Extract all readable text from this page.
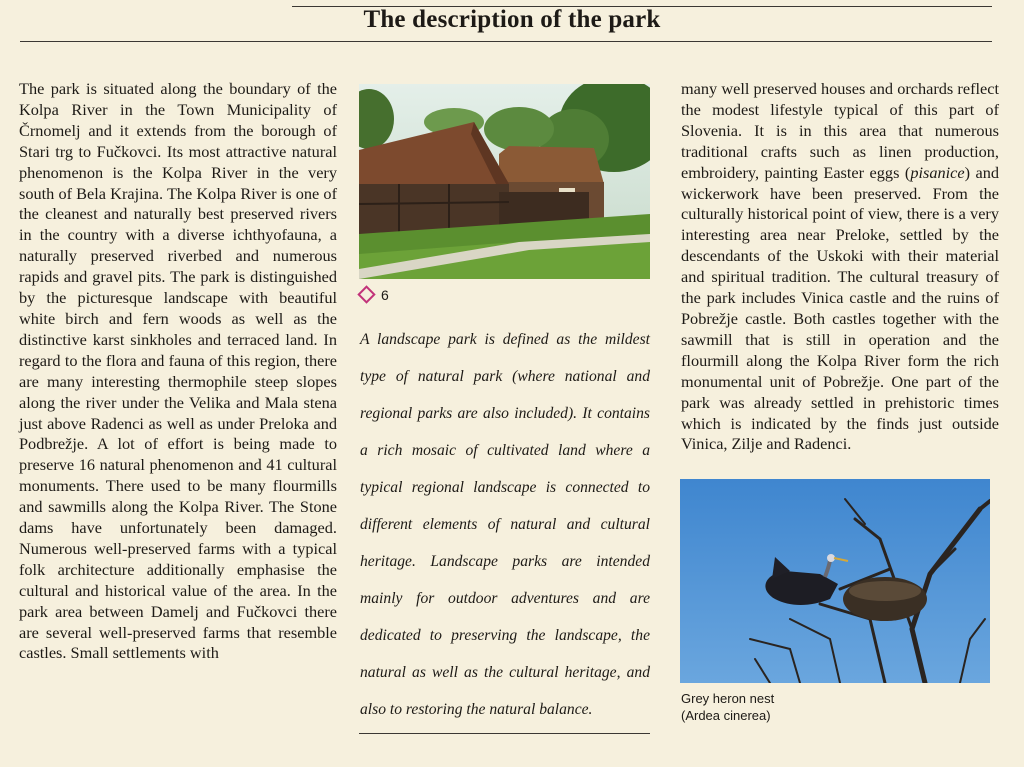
The description of the park

The park is situated along the boundary of the Kolpa River in the Town Municipality of Črnomelj and it extends from the borough of Stari trg to Fučkovci. Its most attractive natural phenomenon is the Kolpa River in the very south of Bela Krajina. The Kolpa River is one of the cleanest and naturally best preserved rivers in the country with a diverse ichthyofauna, a naturally preserved riverbed and numerous rapids and gravel pits. The park is distinguished by the picturesque landscape with beautiful white birch and fern woods as well as the distinctive karst sinkholes and terraced land. In regard to the flora and fauna of this region, there are many interesting thermophile steep slopes along the river under the Velika and Mala stena just above Radenci as well as under Preloka and Podbrežje. A lot of effort is being made to preserve 16 natural phenomenon and 41 cultural monuments. There used to be many flourmills and sawmills along the Kolpa River. The Stone dams have unfortunately been damaged. Numerous well-preserved farms with a typical folk architecture additionally emphasise the cultural and historical value of the area. In the park area between Damelj and Fučkovci there are several well-preserved farms that resemble castles. Small settlements with

6
A landscape park is defined as the mildest type of natural park (where national and regional parks are also included). It contains a rich mosaic of cultivated land where a typical regional landscape is connected to different elements of natural and cultural heritage. Landscape parks are intended mainly for outdoor adventures and are dedicated to preserving the landscape, the natural as well as the cultural heritage, and also to restoring the natural balance.

many well preserved houses and orchards reflect the modest lifestyle typical of this part of Slovenia. It is in this area that numerous traditional crafts such as linen production, embroidery, painting Easter eggs (pisanice) and wickerwork have been preserved. From the culturally historical point of view, there is a very interesting area near Preloke, settled by the descendants of the Uskoki with their material and spiritual tradition. The cultural treasury of the park includes Vinica castle and the ruins of Pobrežje castle. Both castles together with the sawmill that is still in operation and the flourmill along the Kolpa River form the rich monumental unit of Pobrežje. One part of the park was already settled in prehistoric times which is indicated by the finds just outside Vinica, Zilje and Radenci.

Grey heron nest
(Ardea cinerea)
